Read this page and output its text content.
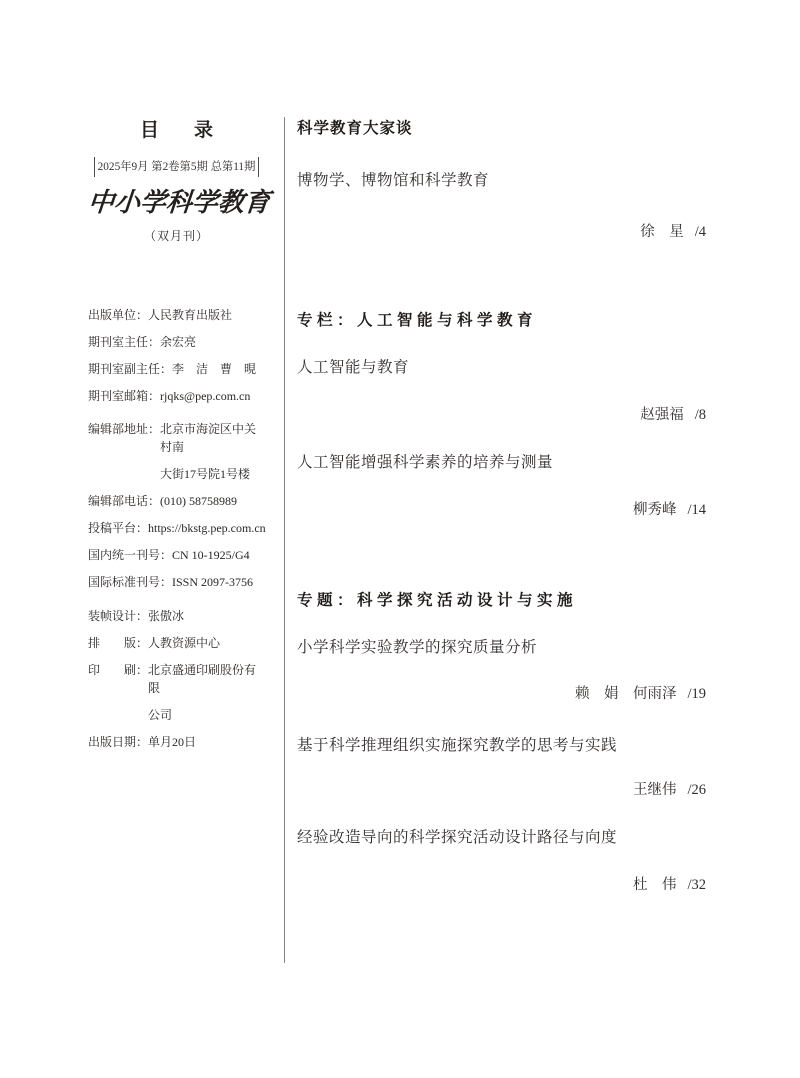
目　录
2025年9月 第2卷第5期 总第11期
中小学科学教育
（双月刊）
出版单位： 人民教育出版社
期刊室主任： 余宏亮
期刊室副主任： 李　洁　曹　晛
期刊室邮箱： rjqks@pep.com.cn
编辑部地址： 北京市海淀区中关村南
大街17号院1号楼
编辑部电话： (010) 58758989
投稿平台： https://bkstg.pep.com.cn
国内统一刊号： CN 10-1925/G4
国际标准刊号： ISSN 2097-3756
装帧设计： 张傲冰
排　　版： 人教资源中心
印　　刷： 北京盛通印刷股份有限
公司
出版日期： 单月20日
科学教育大家谈
博物学、博物馆和科学教育
徐　星 /4
专栏：人工智能与科学教育
人工智能与教育
赵强福 /8
人工智能增强科学素养的培养与测量
柳秀峰 /14
专题：科学探究活动设计与实施
小学科学实验教学的探究质量分析
赖　娟　何雨泽 /19
基于科学推理组织实施探究教学的思考与实践
王继伟 /26
经验改造导向的科学探究活动设计路径与向度
杜　伟 /32
